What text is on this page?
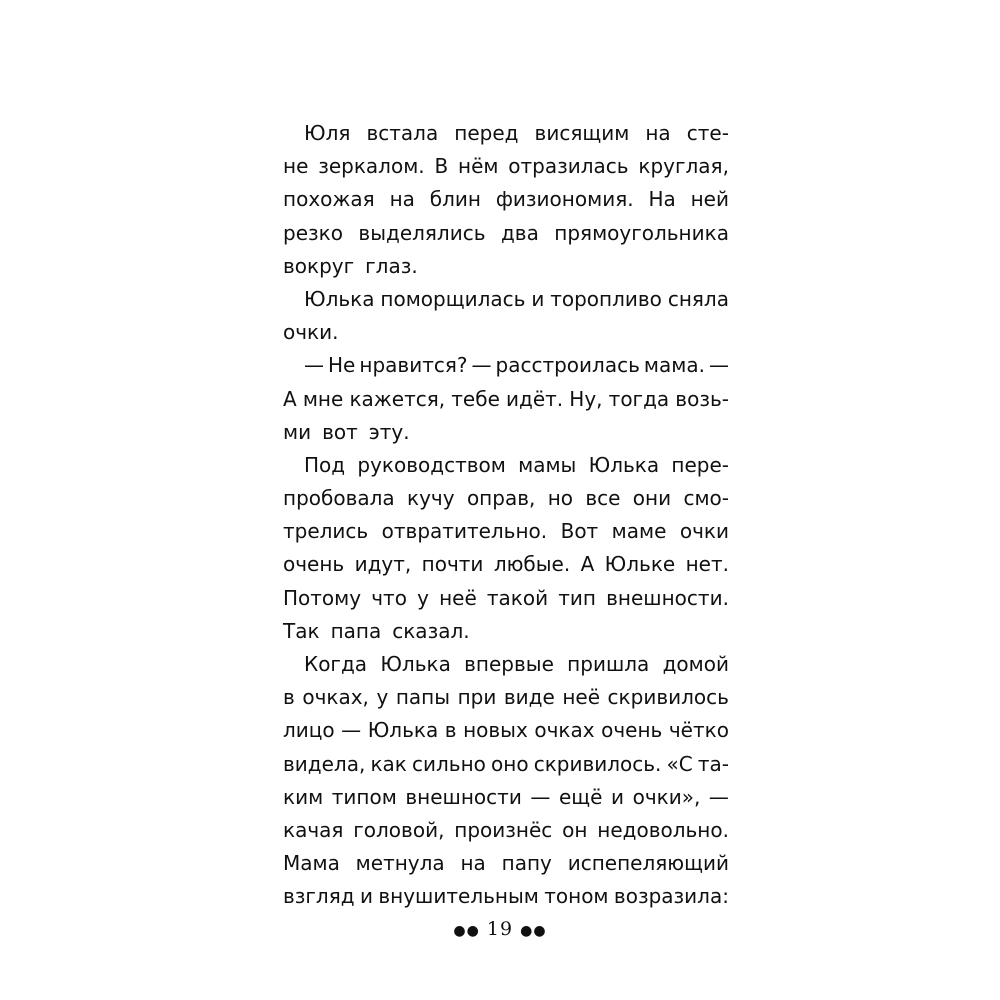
Юля встала перед висящим на сте-
не зеркалом. В нём отразилась круглая,
похожая на блин физиономия. На ней
резко выделялись два прямоугольника
вокруг глаз.
Юлька поморщилась и торопливо сняла
очки.
— Не нравится? — расстроилась мама. —
А мне кажется, тебе идёт. Ну, тогда возь-
ми вот эту.
Под руководством мамы Юлька пере-
пробовала кучу оправ, но все они смо-
трелись отвратительно. Вот маме очки
очень идут, почти любые. А Юльке нет.
Потому что у неё такой тип внешности.
Так папа сказал.
Когда Юлька впервые пришла домой
в очках, у папы при виде неё скривилось
лицо — Юлька в новых очках очень чётко
видела, как сильно оно скривилось. «С та-
ким типом внешности — ещё и очки», —
качая головой, произнёс он недовольно.
Мама метнула на папу испепеляющий
взгляд и внушительным тоном возразила:
●● 19 ●●
